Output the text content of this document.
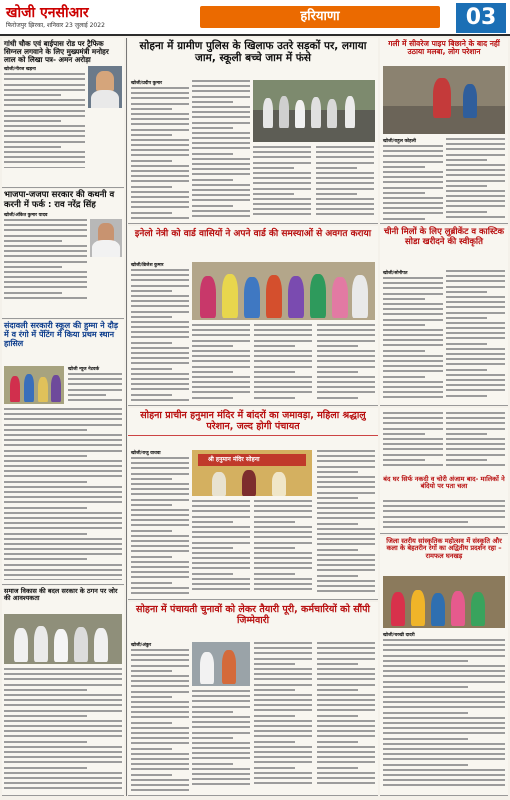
खोजी एनसीआर
फिरोजपुर झिरका, शनिवार 23 जुलाई 2022
हरियाणा	03
गांधी चौक एवं बाईपास रोड पर ट्रैफिक सिग्नल लगवाने के लिए मुख्यमंत्री मनोहर लाल को लिखा पत्र- अमन अरोड़ा
खोजी/नीरज खड़ना
भाजपा-जजपा सरकार की कथनी व करनी में फर्क : राव नरेंद्र सिंह
खोजी/अंकित कुमार यादव
संदावली सरकारी स्कूल की हुम्मा ने दौड़ में व रंगो में पेंटिंग में किया प्रथम स्थान हासिल
खोजी न्यूज नेटवर्क
समाज विकास की बदल सरकार के ठगन पर जोर की आवश्यकता
सोहना में ग्रामीण पुलिस के खिलाफ उतरे सड़कों पर, लगाया जाम, स्कूली बच्चे जाम में फंसे
खोजी/प्रदीप कुमार
गली में सीवरेज पाइप बिछाने के बाद नहीं उठाया मलबा, लोग परेशान
खोजी/राहुल कोहली
इनेलो नेत्री को वार्ड वासियों ने अपने वार्ड की समस्याओं से अवगत कराया
खोजी/ब्रिजेश कुमार
चीनी मिलों के लिए लुब्रीकेंट व कास्टिक सोडा खरीदने की स्वीकृति
खोजी/सोनीपत
सोहना प्राचीन हनुमान मंदिर में बांदरों का जमावड़ा, महिला श्रद्धालु परेशान, जल्द होगी पंचायत
खोजी/राजु वाधवा
श्री हनुमान मंदिर सोहना
बंद घर सिर्फ नकदी व चोरी अंजाम बाद- मालिकों ने बंदियो पर पता चला
जिला स्तरीय सांस्कृतिक महोत्सव में संस्कृति और कला के बेहतरीन रंगों का अद्वितीय प्रदर्शन रहा – रामफल घनखड़
खोजी/चरखी दादरी
सोहना में पंचायती चुनावों को लेकर तैयारी पूरी, कर्मचारियों को सौंपी जिम्मेवारी
खोजी/अंकुर
